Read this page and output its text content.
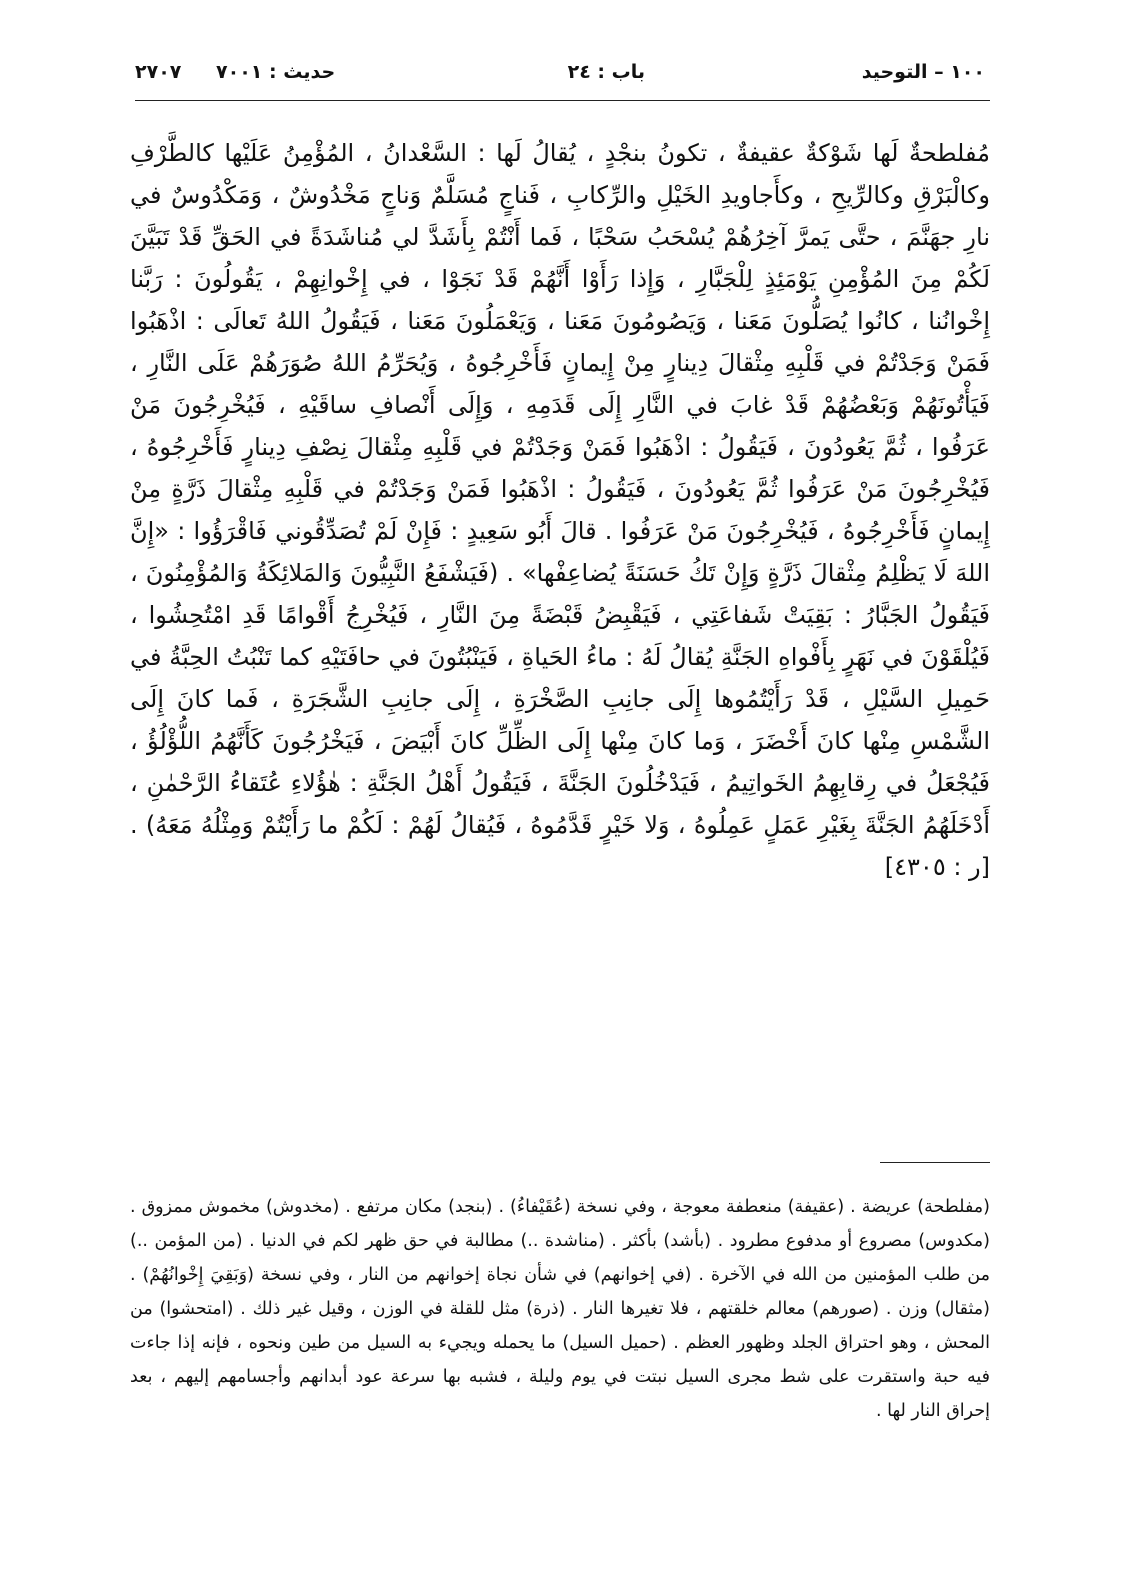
١٠٠ – التوحيد
باب : ٢٤
حديث : ٧٠٠١ ٢٧٠٧
مُفلطحةٌ لَها شَوْكةٌ عقيفةٌ ، تكونُ بنجْدٍ ، يُقالُ لَها : السَّعْدانُ ، المُؤْمِنُ عَلَيْها كالطَّرْفِ وكالْبَرْقِ وكالرِّيحِ ، وكأَجاويدِ الخَيْلِ والرِّكابِ ، فَناجٍ مُسَلَّمٌ وَناجٍ مَخْدُوشٌ ، وَمَكْدُوسٌ في نارِ جهَنَّمَ ، حتَّى يَمرَّ آخِرُهُمْ يُسْحَبُ سَحْبًا ، فَما أَنْتُمْ بِأَشَدَّ لي مُناشَدَةً في الحَقِّ قَدْ تَبَيَّنَ لَكُمْ مِنَ المُؤْمِنِ يَوْمَئِذٍ لِلْجَبَّارِ ، وَإِذا رَأَوْا أَنَّهُمْ قَدْ نَجَوْا ، في إِخْوانِهِمْ ، يَقُولُونَ : رَبَّنا إِخْوانُنا ، كانُوا يُصَلُّونَ مَعَنا ، وَيَصُومُونَ مَعَنا ، وَيَعْمَلُونَ مَعَنا ، فَيَقُولُ اللهُ تَعالَى : اذْهَبُوا فَمَنْ وَجَدْتُمْ في قَلْبِهِ مِثْقالَ دِينارٍ مِنْ إِيمانٍ فَأَخْرِجُوهُ ، وَيُحَرِّمُ اللهُ صُوَرَهُمْ عَلَى النَّارِ ، فَيَأْتُونَهُمْ وَبَعْضُهُمْ قَدْ غابَ في النَّارِ إِلَى قَدَمِهِ ، وَإِلَى أَنْصافِ ساقَيْهِ ، فَيُخْرِجُونَ مَنْ عَرَفُوا ، ثُمَّ يَعُودُونَ ، فَيَقُولُ : اذْهَبُوا فَمَنْ وَجَدْتُمْ في قَلْبِهِ مِثْقالَ نِصْفِ دِينارٍ فَأَخْرِجُوهُ ، فَيُخْرِجُونَ مَنْ عَرَفُوا ثُمَّ يَعُودُونَ ، فَيَقُولُ : اذْهَبُوا فَمَنْ وَجَدْتُمْ في قَلْبِهِ مِثْقالَ ذَرَّةٍ مِنْ إِيمانٍ فَأَخْرِجُوهُ ، فَيُخْرِجُونَ مَنْ عَرَفُوا . قالَ أَبُو سَعِيدٍ : فَإِنْ لَمْ تُصَدِّقُوني فَاقْرَؤُوا : «إِنَّ اللهَ لَا يَظْلِمُ مِثْقالَ ذَرَّةٍ وَإِنْ تَكُ حَسَنَةً يُضاعِفْها» . (فَيَشْفَعُ النَّبِيُّونَ وَالمَلائِكَةُ وَالمُؤْمِنُونَ ، فَيَقُولُ الجَبَّارُ : بَقِيَتْ شَفاعَتِي ، فَيَقْبِضُ قَبْضَةً مِنَ النَّارِ ، فَيُخْرِجُ أَقْوامًا قَدِ امْتُحِشُوا ، فَيُلْقَوْنَ في نَهَرٍ بِأَفْواهِ الجَنَّةِ يُقالُ لَهُ : ماءُ الحَياةِ ، فَيَنْبُتُونَ في حافَتَيْهِ كما تَنْبُتُ الحِبَّةُ في حَمِيلِ السَّيْلِ ، قَدْ رَأَيْتُمُوها إِلَى جانِبِ الصَّخْرَةِ ، إِلَى جانِبِ الشَّجَرَةِ ، فَما كانَ إِلَى الشَّمْسِ مِنْها كانَ أَخْضَرَ ، وَما كانَ مِنْها إِلَى الظِّلِّ كانَ أَبْيَضَ ، فَيَخْرُجُونَ كَأَنَّهُمُ اللُّؤْلُؤُ ، فَيُجْعَلُ في رِقابِهِمُ الخَواتِيمُ ، فَيَدْخُلُونَ الجَنَّةَ ، فَيَقُولُ أَهْلُ الجَنَّةِ : هٰؤُلاءِ عُتَقاءُ الرَّحْمٰنِ ، أَدْخَلَهُمُ الجَنَّةَ بِغَيْرِ عَمَلٍ عَمِلُوهُ ، وَلا خَيْرٍ قَدَّمُوهُ ، فَيُقالُ لَهُمْ : لَكُمْ ما رَأَيْتُمْ وَمِثْلُهُ مَعَهُ) . [ر : ٤٣٠٥]
(مفلطحة) عريضة . (عقيفة) منعطفة معوجة ، وفي نسخة (عُقَيْفاءُ) . (بنجد) مكان مرتفع . (مخدوش) مخموش ممزوق . (مكدوس) مصروع أو مدفوع مطرود . (بأشد) بأكثر . (مناشدة ..) مطالبة في حق ظهر لكم في الدنيا . (من المؤمن ..) من طلب المؤمنين من الله في الآخرة . (في إخوانهم) في شأن نجاة إخوانهم من النار ، وفي نسخة (وَبَقِيَ إِخْوانُهُمْ) . (مثقال) وزن . (صورهم) معالم خلقتهم ، فلا تغيرها النار . (ذرة) مثل للقلة في الوزن ، وقيل غير ذلك . (امتحشوا) من المحش ، وهو احتراق الجلد وظهور العظم . (حميل السيل) ما يحمله ويجيء به السيل من طين ونحوه ، فإنه إذا جاءت فيه حبة واستقرت على شط مجرى السيل نبتت في يوم وليلة ، فشبه بها سرعة عود أبدانهم وأجسامهم إليهم ، بعد إحراق النار لها .
